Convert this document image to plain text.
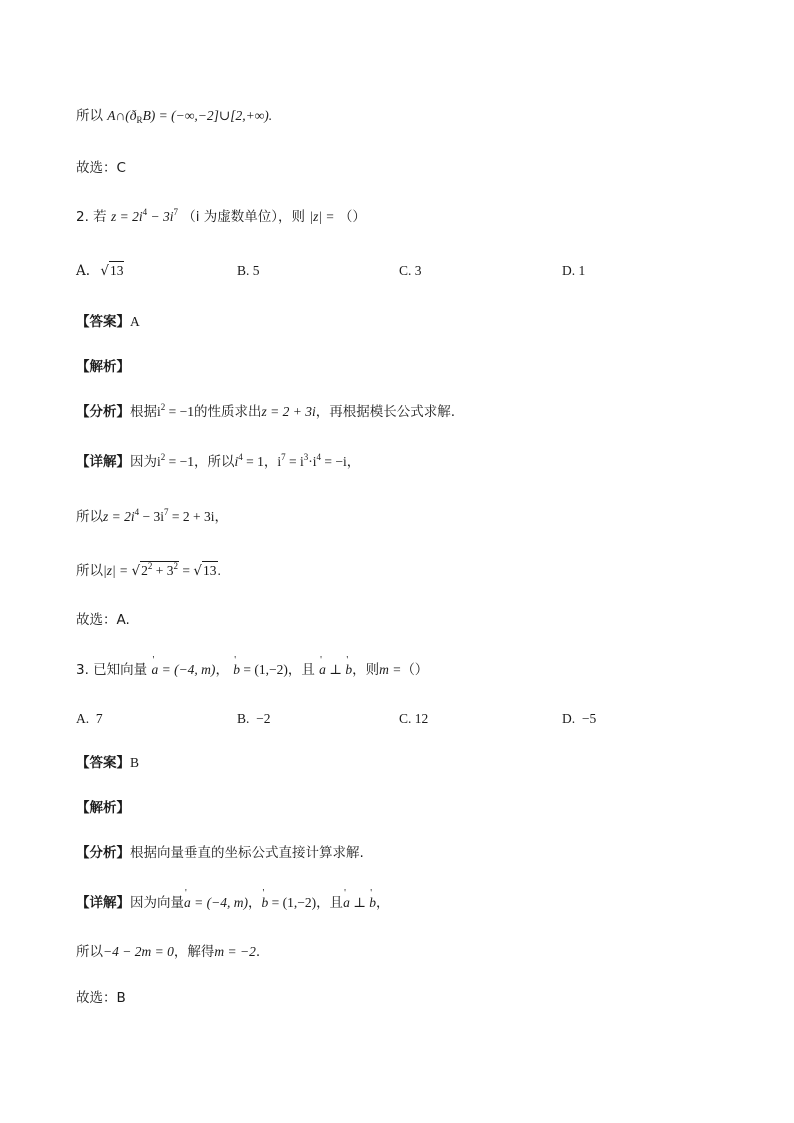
所以 $A\cap(ð_RB)$ = (−∞,−2]∪[2,+∞).
故选：C
2. 若 $z = 2i^4 - 3i^7$ （i 为虚数单位），则 |z| = （）
A. √13	B. 5	C. 3	D. 1
【答案】A
【解析】
【分析】根据$i^2 = -1$的性质求出z = 2 + 3i，再根据模长公式求解.
【详解】因为$i^2 = -1$，所以$i^4 = 1$，$i^7 = i^3\cdot i^4 = -i$，
所以$z = 2i^4 - 3i^7 = 2 + 3i$，
所以$|z| = √2^2 + 3^2 = √13$.
故选：A.
3. 已知向量 ' a = (−4, m)， ' b = (1,−2)，且 ' a ⊥ ' b，则m =（）
A. 7	B. −2	C. 12	D. −5
【答案】B
【解析】
【分析】根据向量垂直的坐标公式直接计算求解.
【详解】因为向量' a = (−4, m)，' b = (1,−2)，且' a ⊥ ' b，
所以−4 − 2m = 0，解得m = −2.
故选：B
